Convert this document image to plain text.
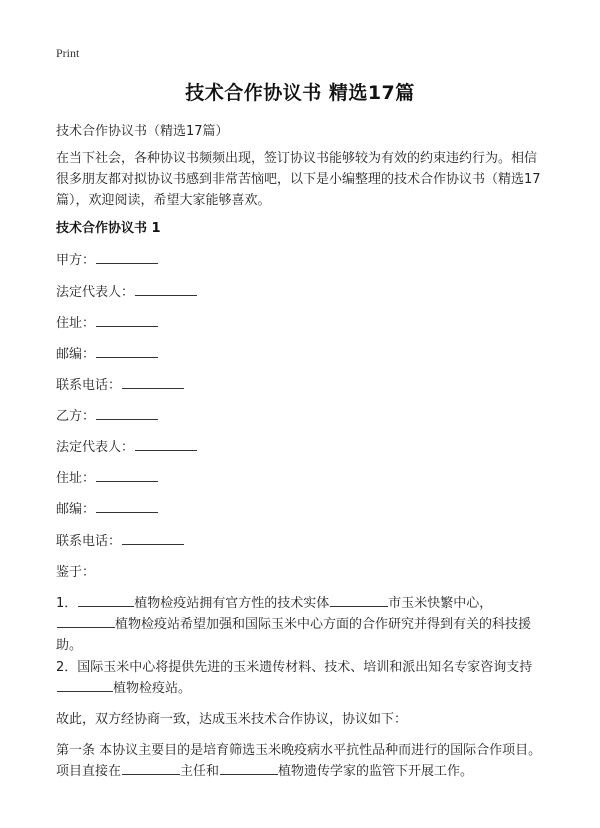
Print
技术合作协议书 精选17篇
技术合作协议书（精选17篇）
在当下社会，各种协议书频频出现，签订协议书能够较为有效的约束违约行为。相信很多朋友都对拟协议书感到非常苦恼吧，以下是小编整理的技术合作协议书（精选17篇），欢迎阅读，希望大家能够喜欢。
技术合作协议书 1
甲方：
法定代表人：
住址：
邮编：
联系电话：
乙方：
法定代表人：
住址：
邮编：
联系电话：
鉴于：
1．	植物检疫站拥有官方性的技术实体	市玉米快繁中心，植物检疫站希望加强和国际玉米中心方面的合作研究并得到有关的科技援助。
2．国际玉米中心将提供先进的玉米遗传材料、技术、培训和派出知名专家咨询支持植物检疫站。
故此，双方经协商一致，达成玉米技术合作协议，协议如下：
第一条 本协议主要目的是培育筛选玉米晚疫病水平抗性品种而进行的国际合作项目。项目直接在	主任和	植物遗传学家的监管下开展工作。
